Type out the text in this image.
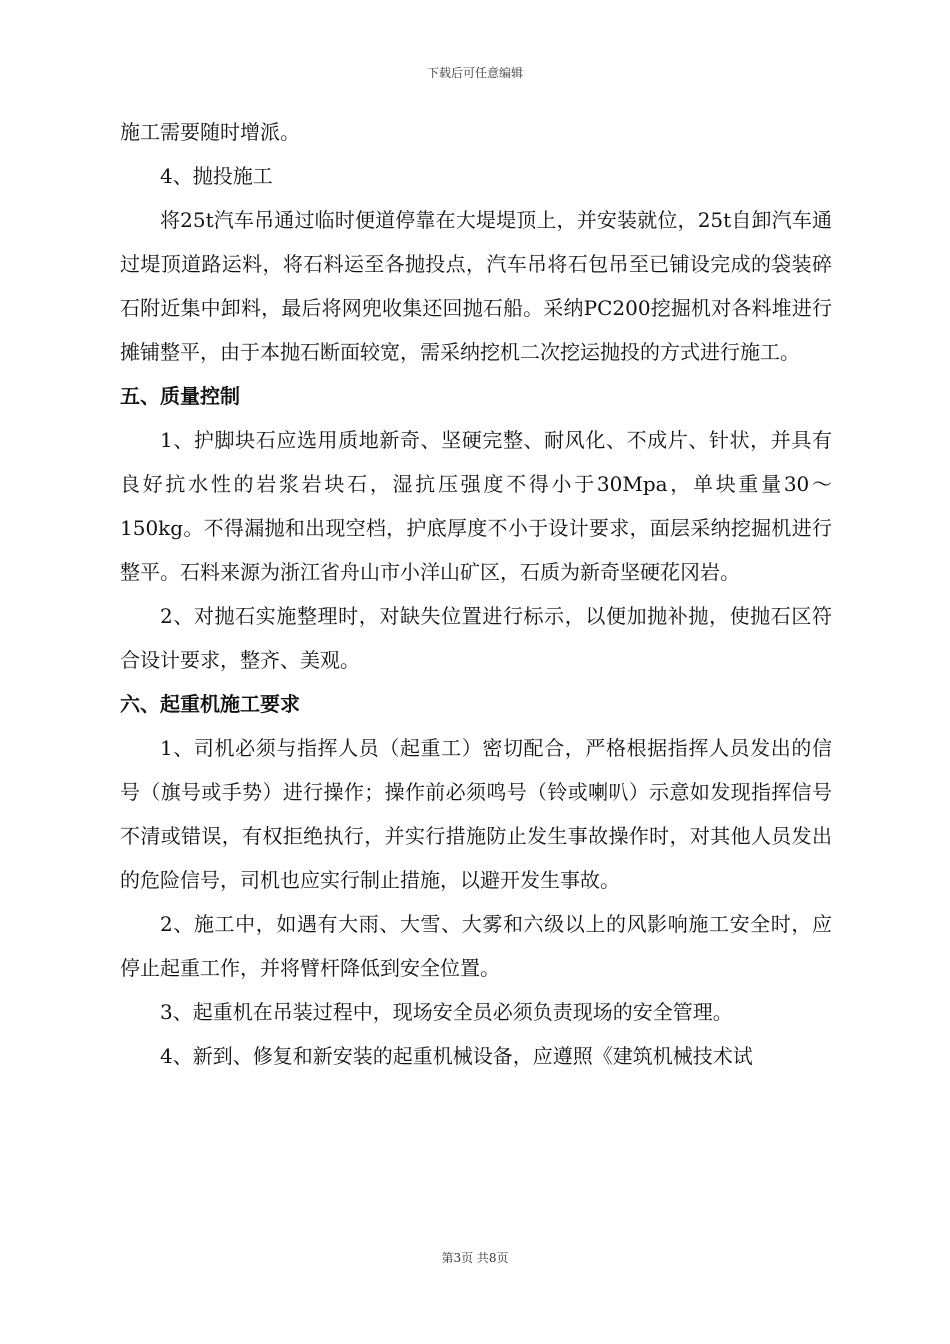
下载后可任意编辑

施工需要随时增派。

4、抛投施工

将25t汽车吊通过临时便道停靠在大堤堤顶上，并安装就位，25t自卸汽车通过堤顶道路运料，将石料运至各抛投点，汽车吊将石包吊至已铺设完成的袋装碎石附近集中卸料，最后将网兜收集还回抛石船。采纳PC200挖掘机对各料堆进行摊铺整平，由于本抛石断面较宽，需采纳挖机二次挖运抛投的方式进行施工。

五、质量控制

1、护脚块石应选用质地新奇、坚硬完整、耐风化、不成片、针状，并具有良好抗水性的岩浆岩块石，湿抗压强度不得小于30Mpa，单块重量30～150kg。不得漏抛和出现空档，护底厚度不小于设计要求，面层采纳挖掘机进行整平。石料来源为浙江省舟山市小洋山矿区，石质为新奇坚硬花冈岩。

2、对抛石实施整理时，对缺失位置进行标示，以便加抛补抛，使抛石区符合设计要求，整齐、美观。

六、起重机施工要求

1、司机必须与指挥人员（起重工）密切配合，严格根据指挥人员发出的信号（旗号或手势）进行操作；操作前必须鸣号（铃或喇叭）示意如发现指挥信号不清或错误，有权拒绝执行，并实行措施防止发生事故操作时，对其他人员发出的危险信号，司机也应实行制止措施，以避开发生事故。

2、施工中，如遇有大雨、大雪、大雾和六级以上的风影响施工安全时，应停止起重工作，并将臂杆降低到安全位置。

3、起重机在吊装过程中，现场安全员必须负责现场的安全管理。

4、新到、修复和新安装的起重机械设备，应遵照《建筑机械技术试

第3页 共8页
